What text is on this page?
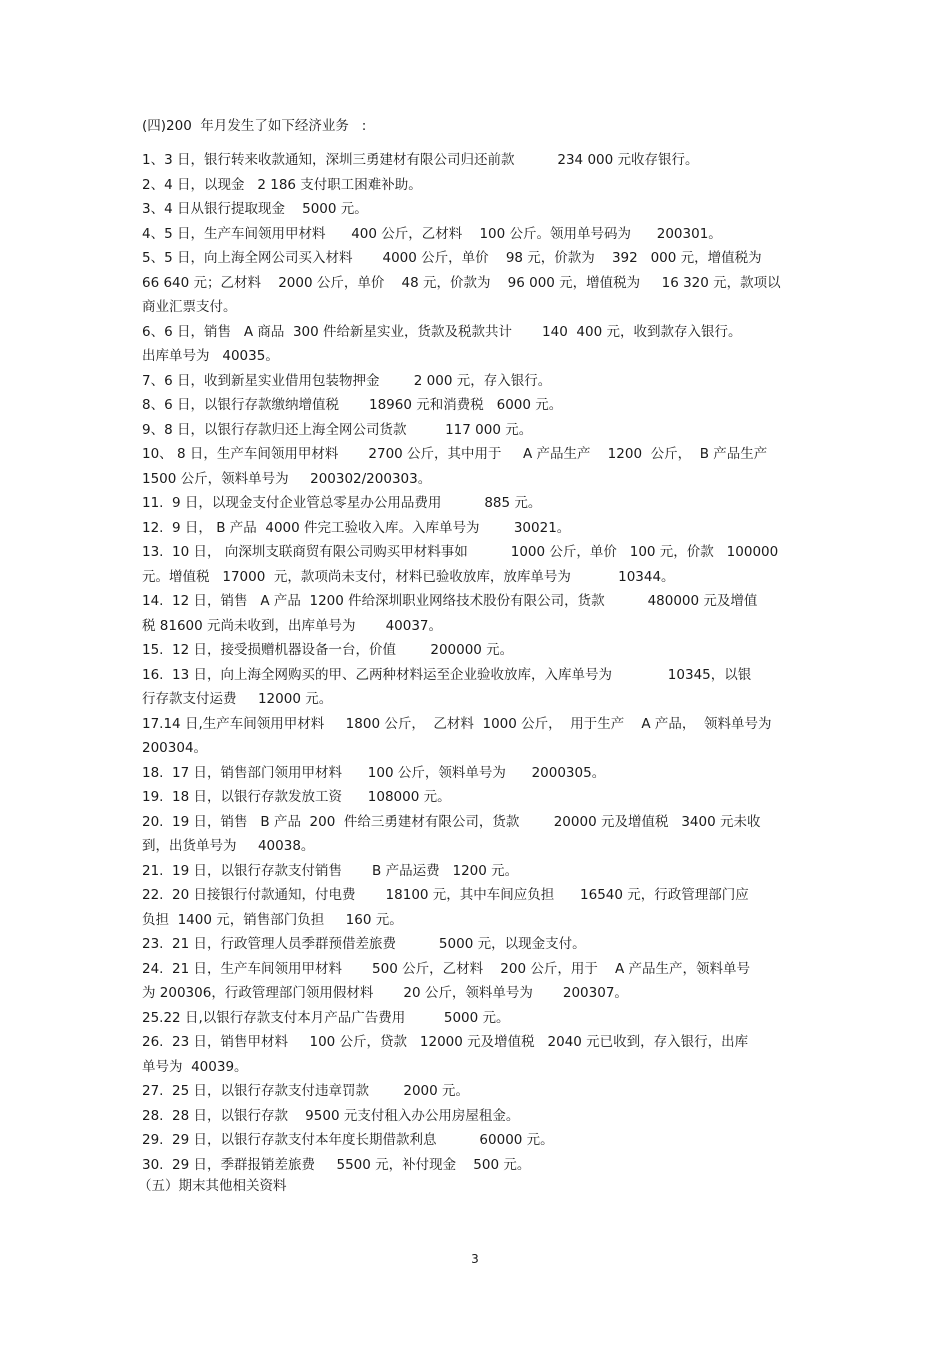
(四)200  年月发生了如下经济业务   :
1、3 日，银行转来收款通知，深圳三勇建材有限公司归还前款          234 000 元收存银行。
2、4 日，以现金   2 186 支付职工困难补助。
3、4 日从银行提取现金    5000 元。
4、5 日，生产车间领用甲材料      400 公斤，乙材料    100 公斤。领用单号码为      200301。
5、5 日，向上海全网公司买入材料       4000 公斤，单价    98 元，价款为    392   000 元，增值税为
66 640 元；乙材料    2000 公斤，单价    48 元，价款为    96 000 元，增值税为     16 320 元，款项以
商业汇票支付。
6、6 日，销售   A 商品  300 件给新星实业，货款及税款共计       140  400 元，收到款存入银行。
出库单号为   40035。
7、6 日，收到新星实业借用包装物押金        2 000 元，存入银行。
8、6 日，以银行存款缴纳增值税       18960 元和消费税   6000 元。
9、8 日，以银行存款归还上海全网公司货款         117 000 元。
10、 8 日，生产车间领用甲材料       2700 公斤，其中用于     A 产品生产    1200  公斤，  B 产品生产
1500 公斤，领料单号为     200302/200303。
11.  9 日，以现金支付企业管总零星办公用品费用          885 元。
12.  9 日， B 产品  4000 件完工验收入库。入库单号为        30021。
13.  10 日， 向深圳支联商贸有限公司购买甲材料事如          1000 公斤，单价   100 元，价款   100000
元。增值税   17000  元，款项尚未支付，材料已验收放库，放库单号为           10344。
14.  12 日，销售   A 产品  1200 件给深圳职业网络技术股份有限公司，货款          480000 元及增值
税 81600 元尚未收到，出库单号为       40037。
15.  12 日，接受损赠机器设备一台，价值        200000 元。
16.  13 日，向上海全网购买的甲、乙两种材料运至企业验收放库，入库单号为             10345，以银
行存款支付运费     12000 元。
17.14 日,生产车间领用甲材料     1800 公斤，  乙材料  1000 公斤，  用于生产    A 产品，  领料单号为
200304。
18.  17 日，销售部门领用甲材料      100 公斤，领料单号为      2000305。
19.  18 日，以银行存款发放工资      108000 元。
20.  19 日，销售   B 产品  200  件给三勇建材有限公司，货款        20000 元及增值税   3400 元未收
到，出货单号为     40038。
21.  19 日，以银行存款支付销售       B 产品运费   1200 元。
22.  20 日接银行付款通知，付电费       18100 元，其中车间应负担      16540 元，行政管理部门应
负担  1400 元，销售部门负担     160 元。
23.  21 日，行政管理人员季群预借差旅费          5000 元，以现金支付。
24.  21 日，生产车间领用甲材料       500 公斤，乙材料    200 公斤，用于    A 产品生产，领料单号
为 200306，行政管理部门领用假材料       20 公斤，领料单号为       200307。
25.22 日,以银行存款支付本月产品广告费用         5000 元。
26.  23 日，销售甲材料     100 公斤，贷款   12000 元及增值税   2040 元已收到，存入银行，出库
单号为  40039。
27.  25 日，以银行存款支付违章罚款        2000 元。
28.  28 日，以银行存款    9500 元支付租入办公用房屋租金。
29.  29 日，以银行存款支付本年度长期借款利息          60000 元。
30.  29 日，季群报销差旅费     5500 元，补付现金    500 元。
（五）期末其他相关资料
3
